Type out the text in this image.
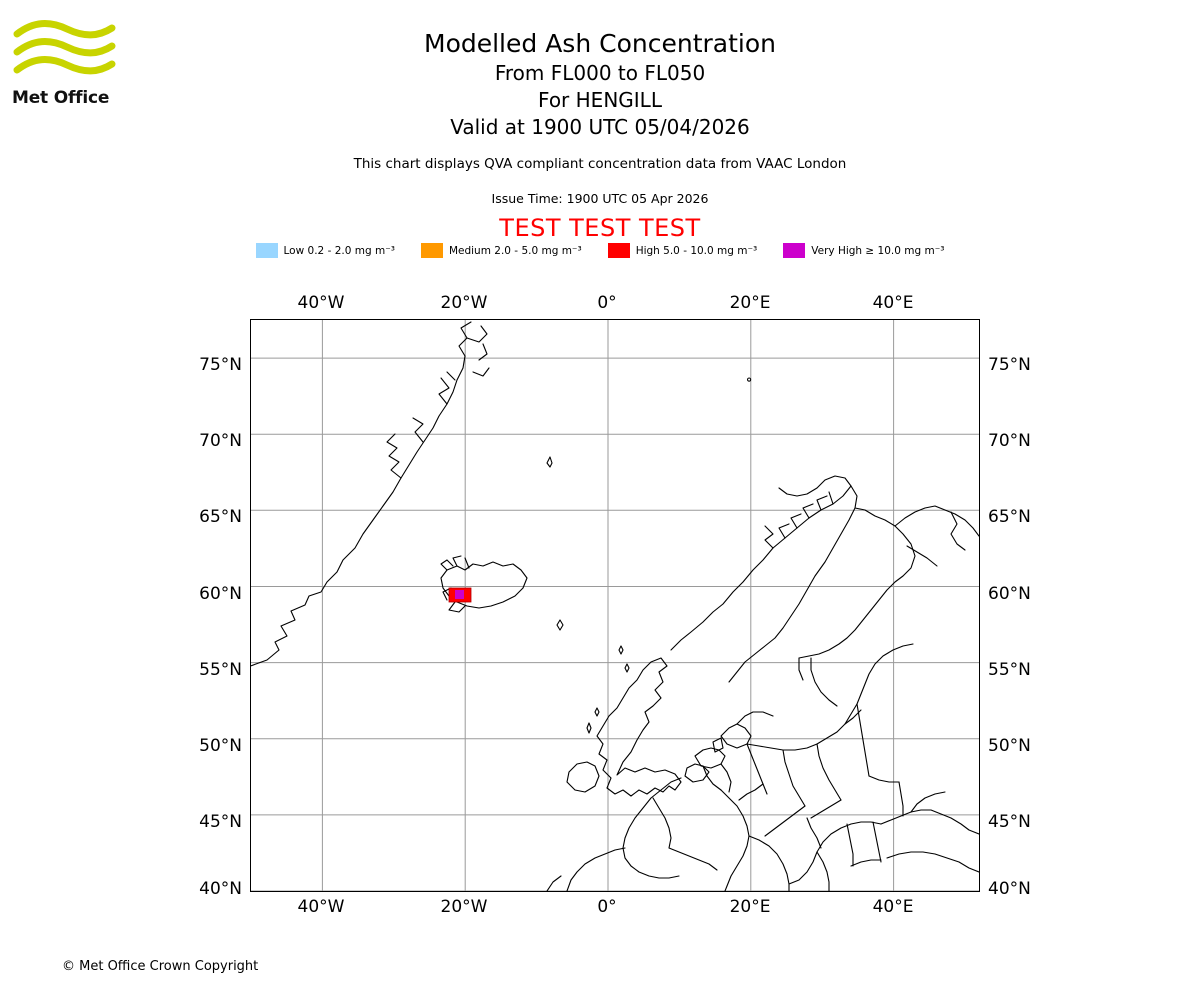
Met Office
Modelled Ash Concentration
From FL000 to FL050
For HENGILL
Valid at 1900 UTC 05/04/2026
This chart displays QVA compliant concentration data from VAAC London
Issue Time: 1900 UTC 05 Apr 2026
TEST TEST TEST
Low 0.2 - 2.0 mg m⁻³	Medium 2.0 - 5.0 mg m⁻³	High 5.0 - 10.0 mg m⁻³	Very High ≥ 10.0 mg m⁻³
40°W	20°W	0°	20°E	40°E
40°W	20°W	0°	20°E	40°E
75°N
70°N
65°N
60°N
55°N
50°N
45°N
40°N
75°N
70°N
65°N
60°N
55°N
50°N
45°N
40°N
© Met Office Crown Copyright
